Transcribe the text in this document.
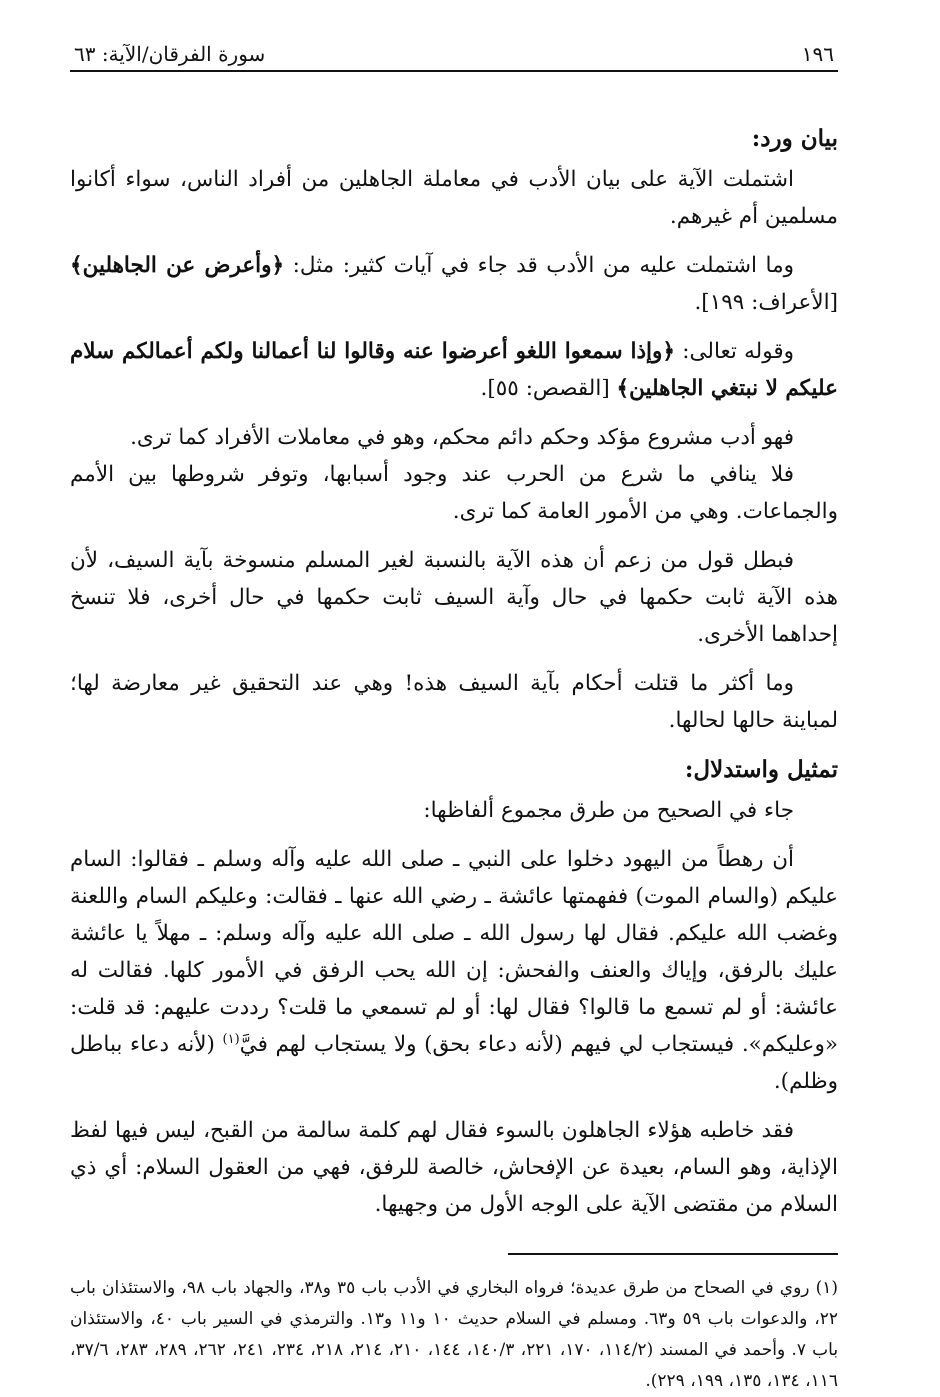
١٩٦
سورة الفرقان/الآية: ٦٣
بيان ورد:

اشتملت الآية على بيان الأدب في معاملة الجاهلين من أفراد الناس، سواء أكانوا مسلمين أم غيرهم.

وما اشتملت عليه من الأدب قد جاء في آيات كثير: مثل: ﴿وأعرض عن الجاهلين﴾ [الأعراف: ١٩٩].

وقوله تعالى: ﴿وإذا سمعوا اللغو أعرضوا عنه وقالوا لنا أعمالنا ولكم أعمالكم سلام عليكم لا نبتغي الجاهلين﴾ [القصص: ٥٥].

فهو أدب مشروع مؤكد وحكم دائم محكم، وهو في معاملات الأفراد كما ترى.

فلا ينافي ما شرع من الحرب عند وجود أسبابها، وتوفر شروطها بين الأمم والجماعات. وهي من الأمور العامة كما ترى.

فبطل قول من زعم أن هذه الآية بالنسبة لغير المسلم منسوخة بآية السيف، لأن هذه الآية ثابت حكمها في حال وآية السيف ثابت حكمها في حال أخرى، فلا تنسخ إحداهما الأخرى.

وما أكثر ما قتلت أحكام بآية السيف هذه! وهي عند التحقيق غير معارضة لها؛ لمباينة حالها لحالها.

تمثيل واستدلال:

جاء في الصحيح من طرق مجموع ألفاظها:

أن رهطاً من اليهود دخلوا على النبي ـ صلى الله عليه وآله وسلم ـ فقالوا: السام عليكم (والسام الموت) ففهمتها عائشة ـ رضي الله عنها ـ فقالت: وعليكم السام واللعنة وغضب الله عليكم. فقال لها رسول الله ـ صلى الله عليه وآله وسلم: ـ مهلاً يا عائشة عليك بالرفق، وإياك والعنف والفحش: إن الله يحب الرفق في الأمور كلها. فقالت له عائشة: أو لم تسمع ما قالوا؟ فقال لها: أو لم تسمعي ما قلت؟ رددت عليهم: قد قلت: «وعليكم». فيستجاب لي فيهم (لأنه دعاء بحق) ولا يستجاب لهم فيَّ$^{(١)}$ (لأنه دعاء بباطل وظلم).

فقد خاطبه هؤلاء الجاهلون بالسوء فقال لهم كلمة سالمة من القبح، ليس فيها لفظ الإذاية، وهو السام، بعيدة عن الإفحاش، خالصة للرفق، فهي من العقول السلام: أي ذي السلام من مقتضى الآية على الوجه الأول من وجهيها.

(١) روي في الصحاح من طرق عديدة؛ فرواه البخاري في الأدب باب ٣٥ و٣٨، والجهاد باب ٩٨، والاستئذان باب ٢٢، والدعوات باب ٥٩ و٦٣. ومسلم في السلام حديث ١٠ و١١ و١٣. والترمذي في السير باب ٤٠، والاستئذان باب ٧. وأحمد في المسند (١١٤/٢، ١٧٠، ٢٢١، ١٤٠/٣، ١٤٤، ٢١٠، ٢١٤، ٢١٨، ٢٣٤، ٢٤١، ٢٦٢، ٢٨٩، ٢٨٣، ٣٧/٦، ١١٦، ١٣٤، ١٣٥، ١٩٩، ٢٢٩).
